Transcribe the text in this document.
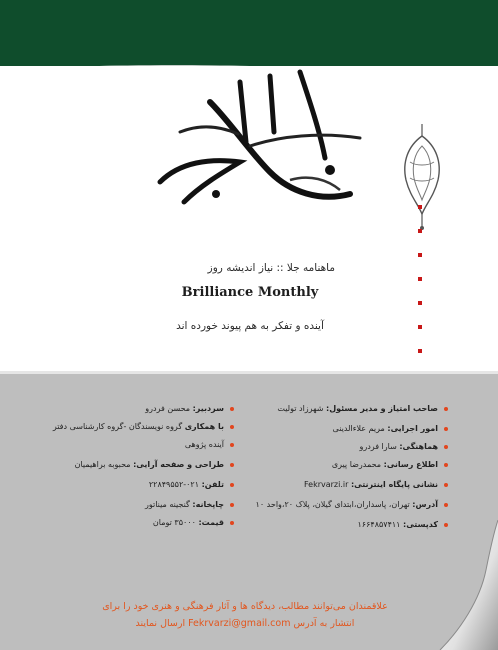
ماهنامه جلا :: نیاز اندیشه روز
Brilliance Monthly
آینده و تفکر به هم پیوند خورده اند
صاحب امتیاز و مدیر مسئول: شهرزاد تولیت
امور اجرایی: مریم علاءالدینی
هماهنگی: سارا فردرو
اطلاع رسانی: محمدرضا پیری
نشانی پایگاه اینترنتی: Fekrvarzi.ir
آدرس: تهران، پاسداران،ابتدای گیلان، پلاک ۲۰،واحد ۱۰
کدپستی: ۱۶۶۴۸۵۷۴۱۱
سردبیر: محسن فردرو
با همکاری گروه نویسندگان -گروه کارشناسی دفتر
آینده پژوهی
طراحی و صفحه آرایی: محبوبه براهیمیان
تلفن: ۰۲۱-۲۲۸۴۹۵۵۲
چاپخانه: گنجینه میناتور
قیمت: ۳۵۰۰۰ تومان
علاقمندان می‌توانند مطالب، دیدگاه ها و آثار فرهنگی و هنری خود را برای
انتشار به آدرس Fekrvarzi@gmail.com ارسال نمایند
